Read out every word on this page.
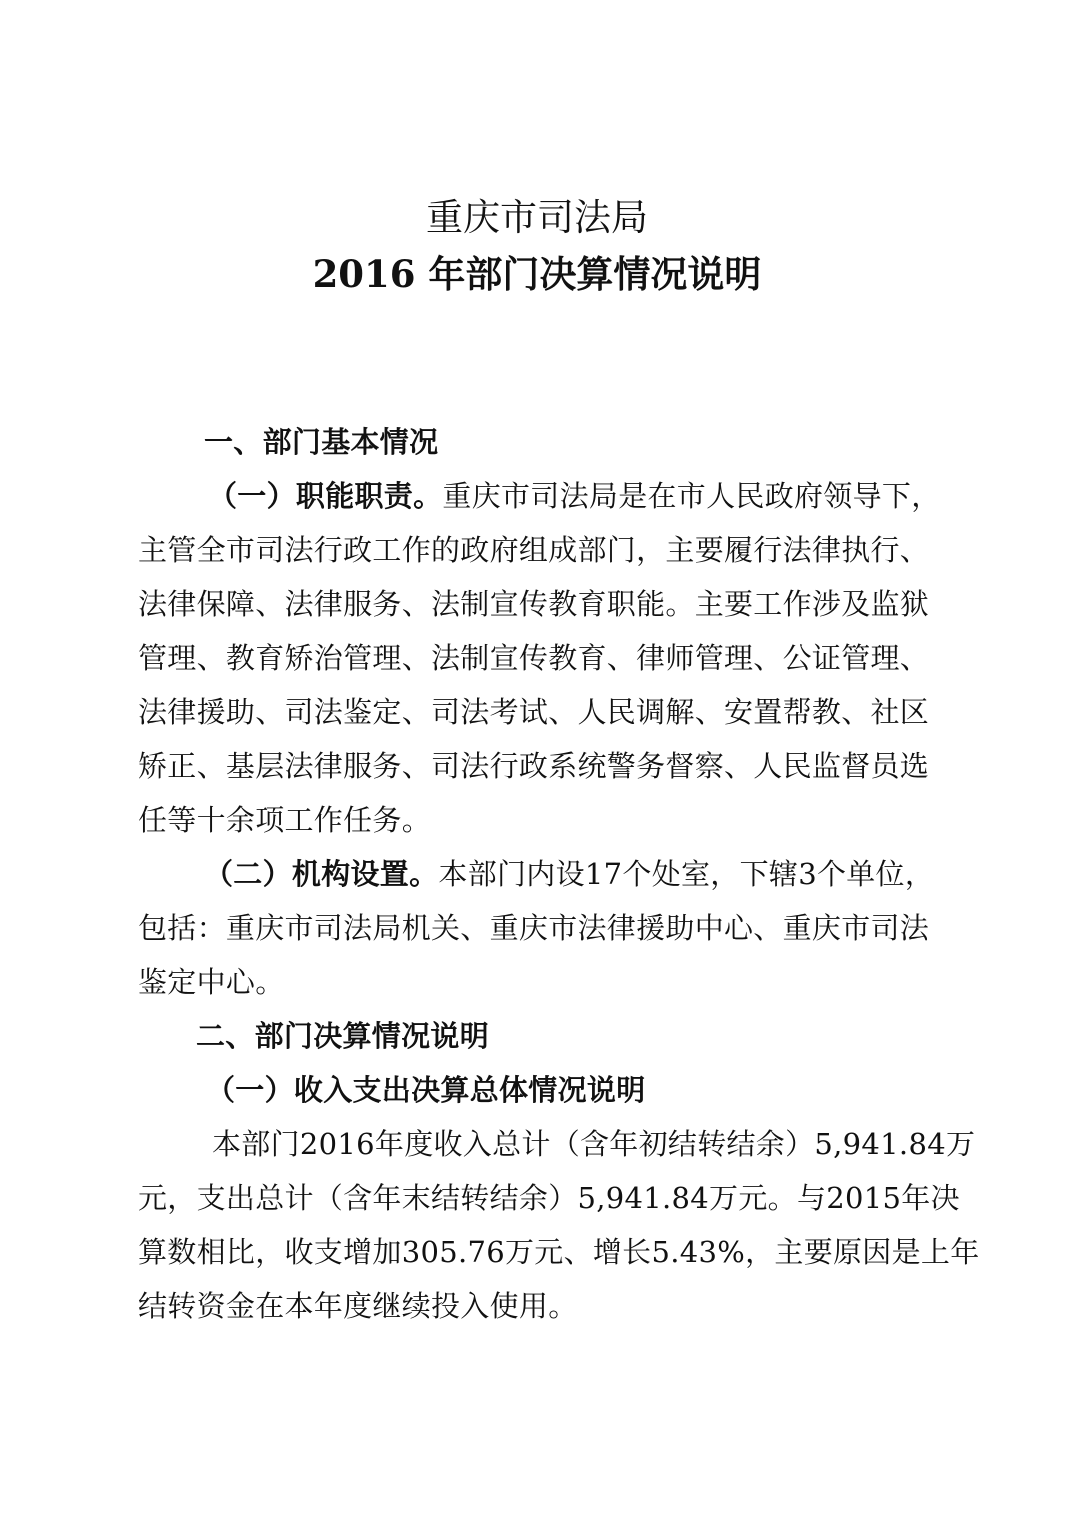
重庆市司法局
2016 年部门决算情况说明
一、部门基本情况
（一）职能职责。重庆市司法局是在市人民政府领导下，
主管全市司法行政工作的政府组成部门，主要履行法律执行、
法律保障、法律服务、法制宣传教育职能。主要工作涉及监狱
管理、教育矫治管理、法制宣传教育、律师管理、公证管理、
法律援助、司法鉴定、司法考试、人民调解、安置帮教、社区
矫正、基层法律服务、司法行政系统警务督察、人民监督员选
任等十余项工作任务。
（二）机构设置。本部门内设17个处室，下辖3个单位，
包括：重庆市司法局机关、重庆市法律援助中心、重庆市司法
鉴定中心。
二、部门决算情况说明
（一）收入支出决算总体情况说明
本部门2016年度收入总计（含年初结转结余）5,941.84万
元，支出总计（含年末结转结余）5,941.84万元。与2015年决
算数相比，收支增加305.76万元、增长5.43%，主要原因是上年
结转资金在本年度继续投入使用。
